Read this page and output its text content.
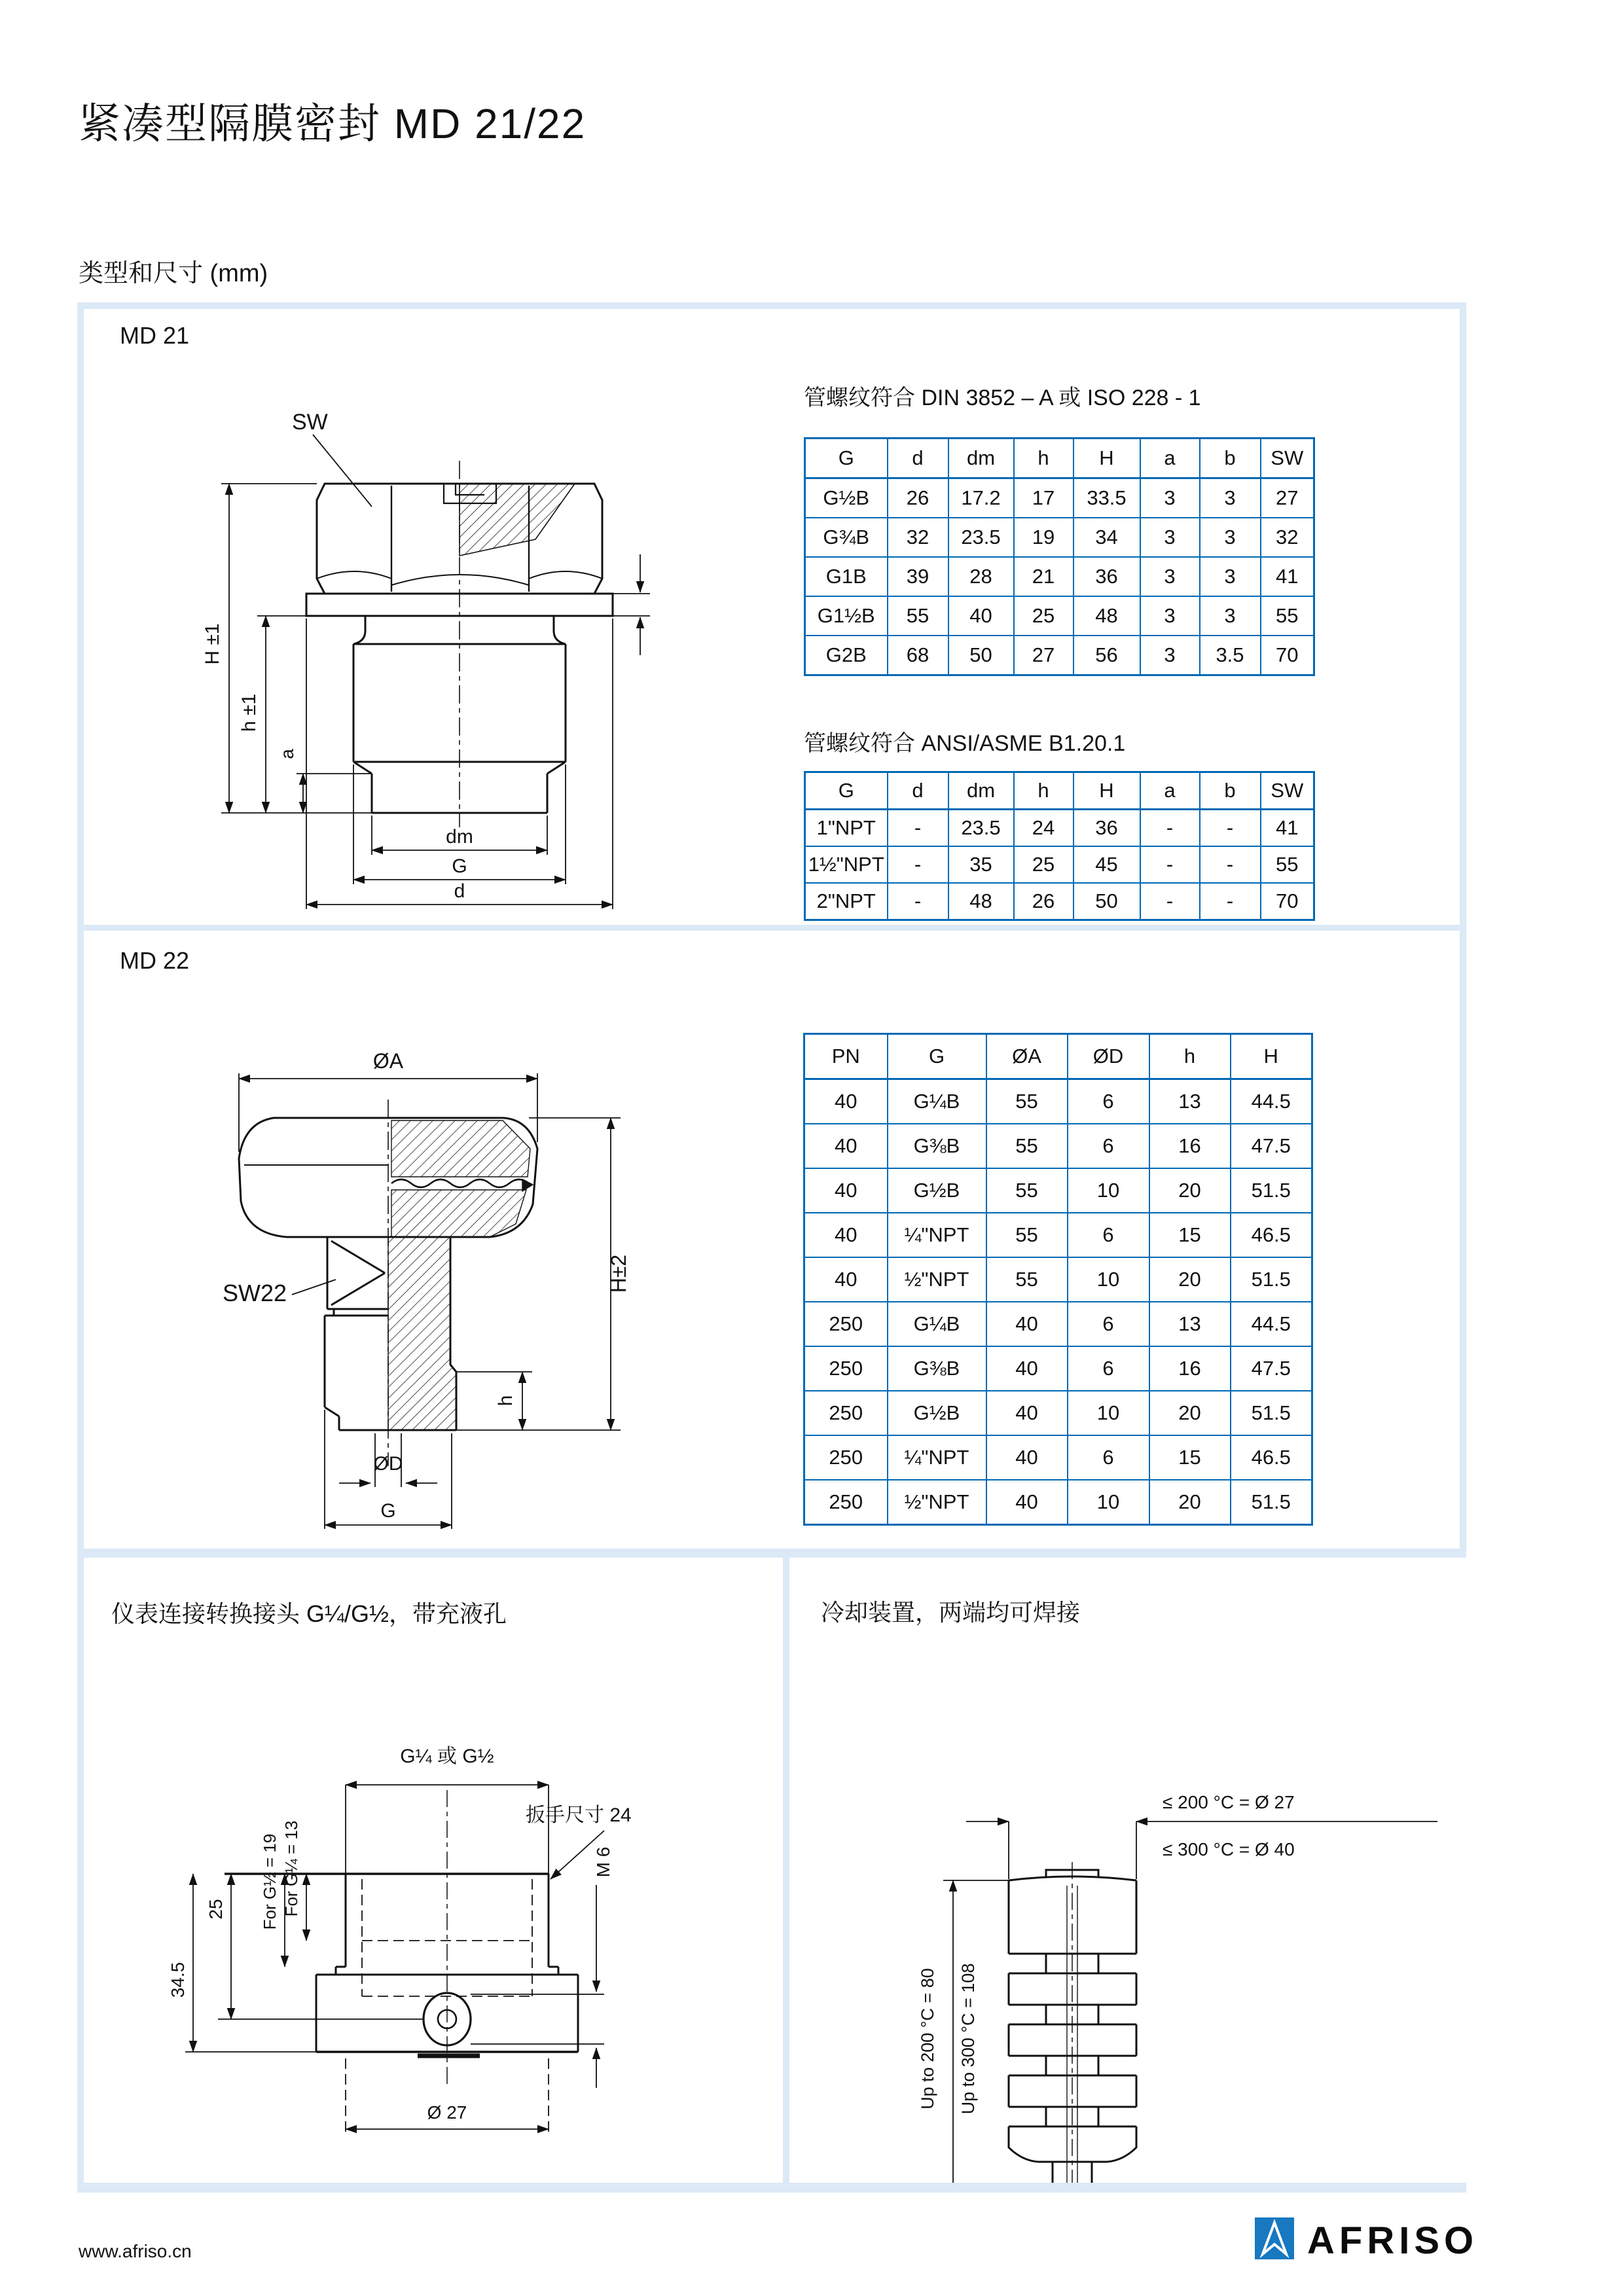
紧凑型隔膜密封 MD 21/22
类型和尺寸 (mm)
MD 21
SW
H ±1
h ±1
a
dm
G
d
管螺纹符合 DIN 3852 – A 或 ISO 228 - 1
G	d	dm	h	H	a	b	SW
G½B	26	17.2	17	33.5	3	3	27
G¾B	32	23.5	19	34	3	3	32
G1B	39	28	21	36	3	3	41
G1½B	55	40	25	48	3	3	55
G2B	68	50	27	56	3	3.5	70
管螺纹符合 ANSI/ASME B1.20.1
G	d	dm	h	H	a	b	SW
1"NPT	-	23.5	24	36	-	-	41
1½"NPT	-	35	25	45	-	-	55
2"NPT	-	48	26	50	-	-	70
MD 22
ØA
H±2
h
ØD
G
SW22
PN	G	ØA	ØD	h	H
40	G¼B	55	6	13	44.5
40	G⅜B	55	6	16	47.5
40	G½B	55	10	20	51.5
40	¼"NPT	55	6	15	46.5
40	½"NPT	55	10	20	51.5
250	G¼B	40	6	13	44.5
250	G⅜B	40	6	16	47.5
250	G½B	40	10	20	51.5
250	¼"NPT	40	6	15	46.5
250	½"NPT	40	10	20	51.5
仪表连接转换接头 G¼/G½，带充液孔
G¼ 或 G½
扳手尺寸 24
34.5
25 For G½ = 19 For G¼ = 13	M 6
Ø 27
冷却装置，两端均可焊接
≤ 200 °C = Ø 27
≤ 300 °C = Ø 40
Up to 200 °C = 80 Up to 300 °C = 108
www.afriso.cn	AFRISO
